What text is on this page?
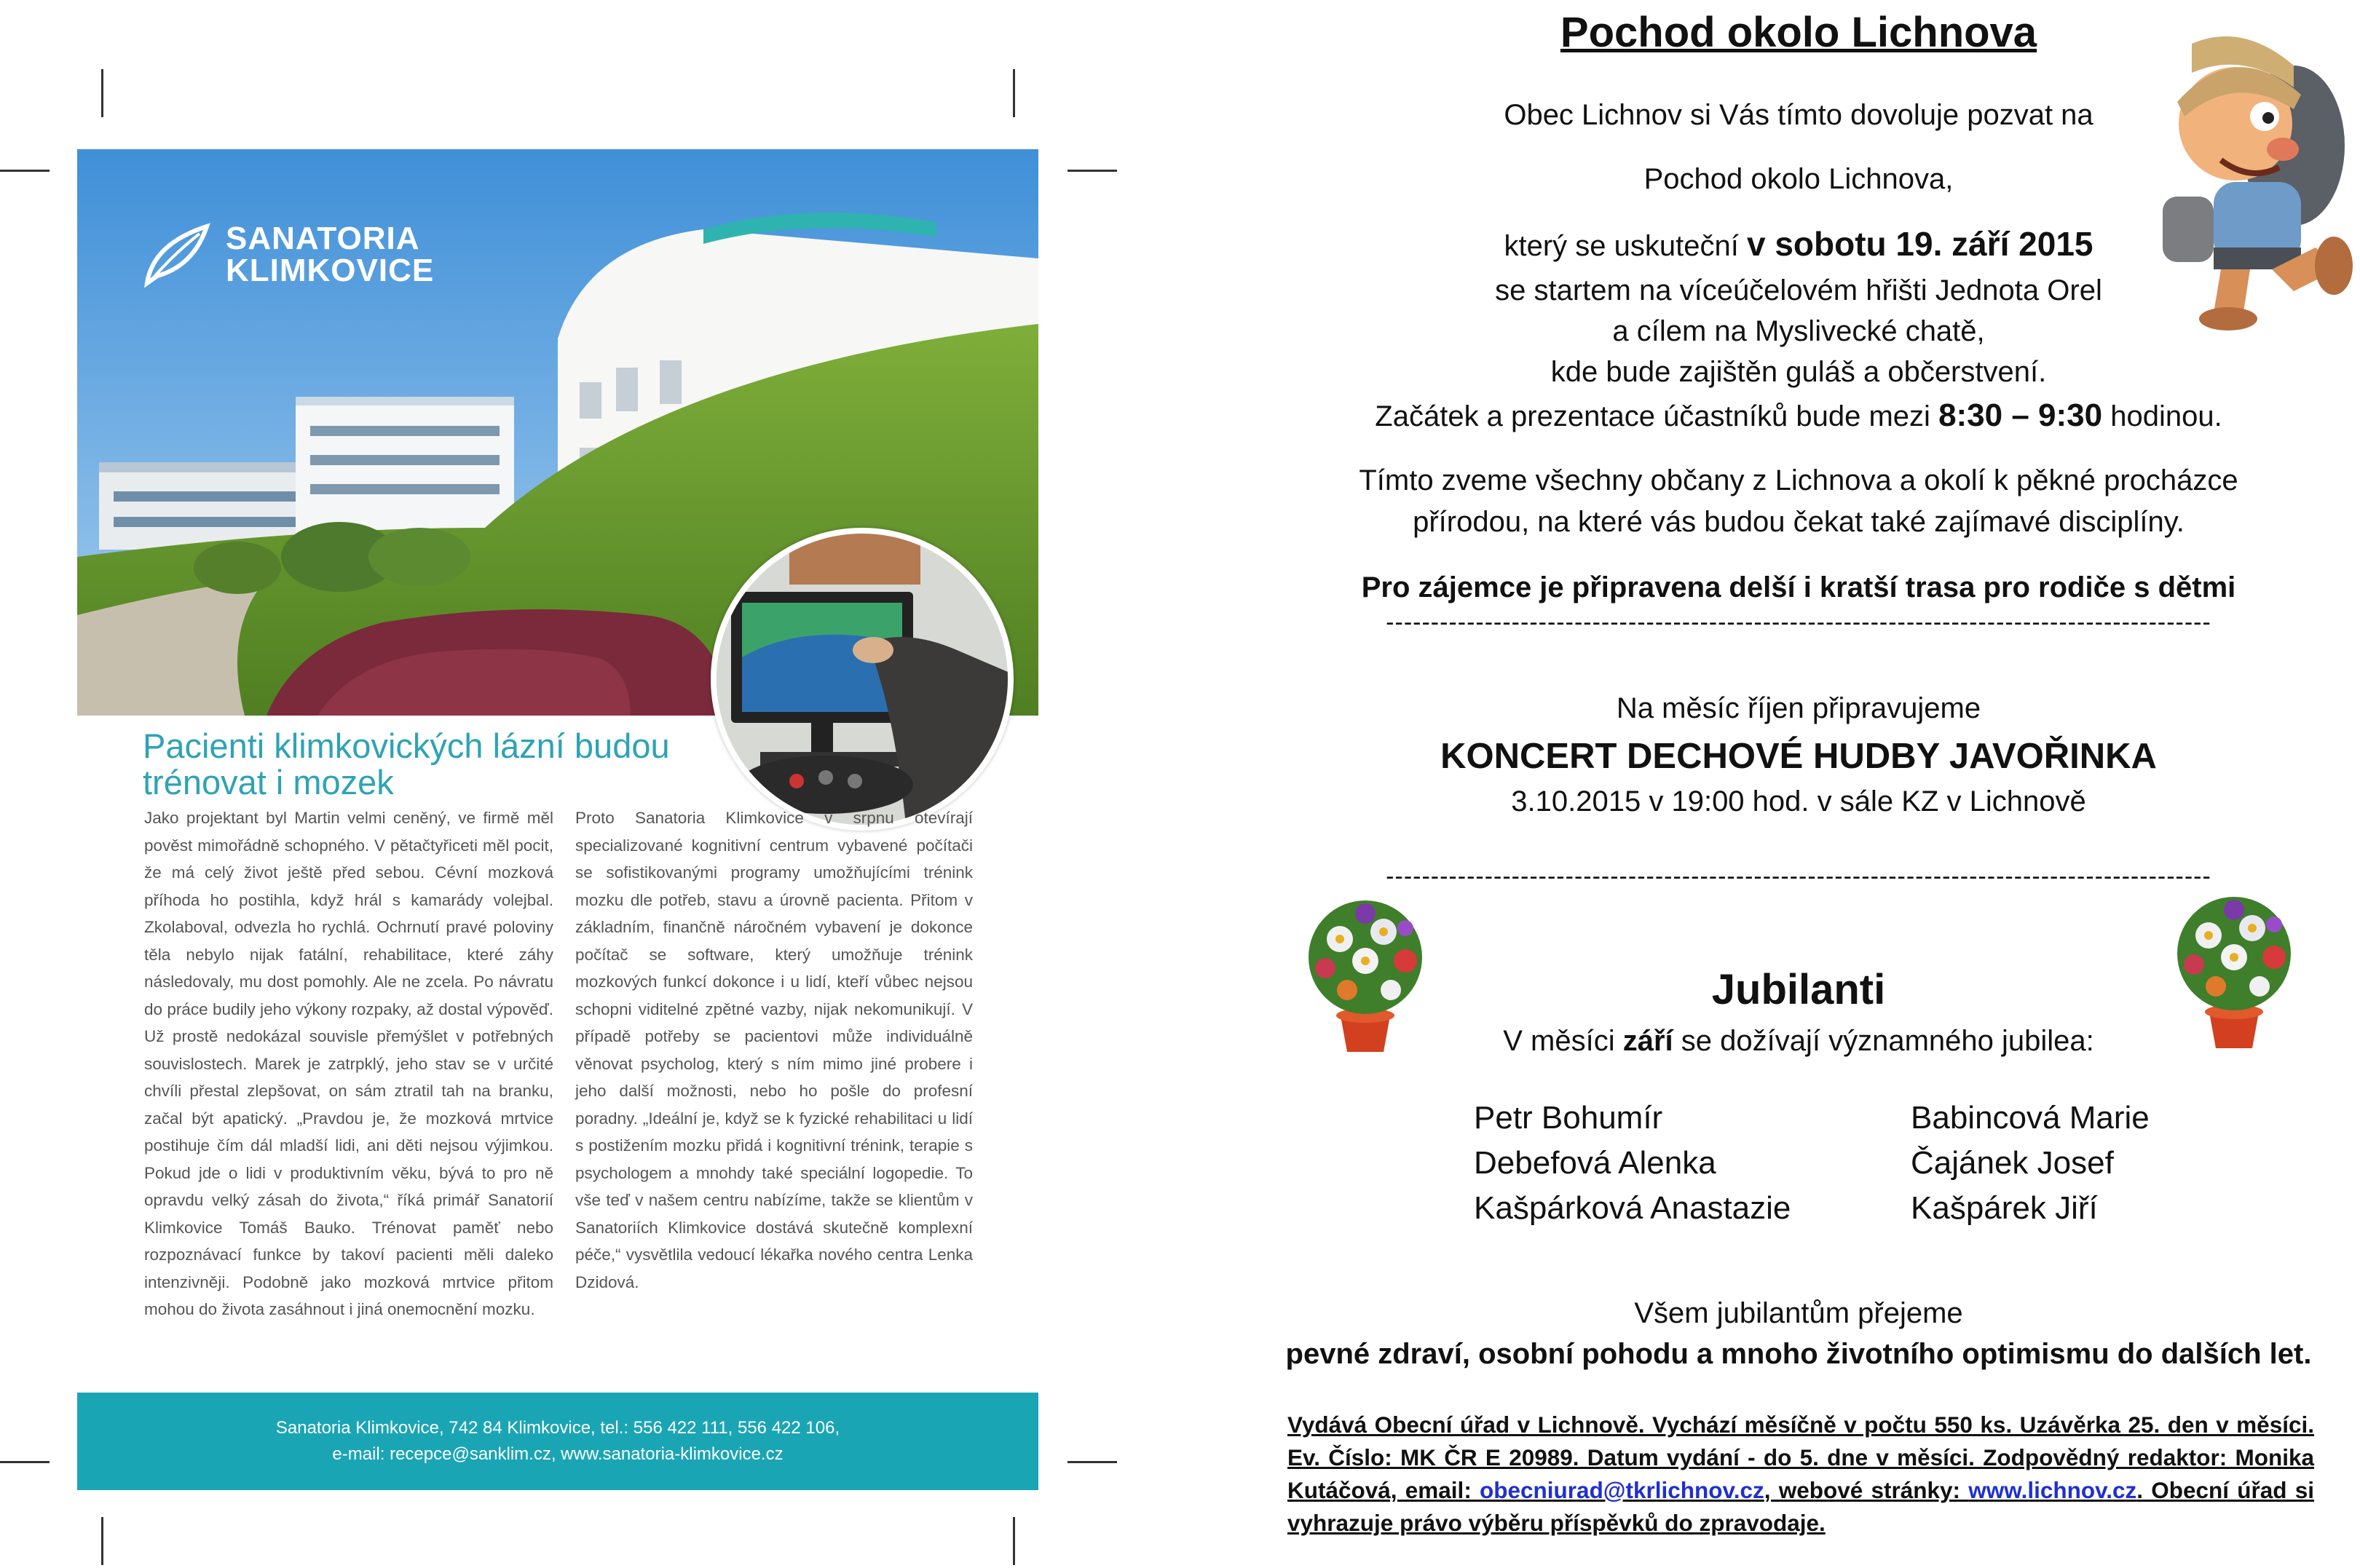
SANATORIA
KLIMKOVICE
Pacienti klimkovických lázní budou
trénovat i mozek
Jako projektant byl Martin velmi ceněný, ve firmě měl pověst mimořádně schopného. V pětačtyřiceti měl pocit, že má celý život ještě před sebou. Cévní mozková příhoda ho postihla, když hrál s kamarády volejbal. Zkolaboval, odvezla ho rychlá. Ochrnutí pravé poloviny těla nebylo nijak fatální, rehabilitace, které záhy následovaly, mu dost pomohly. Ale ne zcela. Po návratu do práce budily jeho výkony rozpaky, až dostal výpověď. Už prostě nedokázal souvisle přemýšlet v potřebných souvislostech. Marek je zatrpklý, jeho stav se v určité chvíli přestal zlepšovat, on sám ztratil tah na branku, začal být apatický. „Pravdou je, že mozková mrtvice postihuje čím dál mladší lidi, ani děti nejsou výjimkou. Pokud jde o lidi v produktivním věku, bývá to pro ně opravdu velký zásah do života,“ říká primář Sanatorií Klimkovice Tomáš Bauko. Trénovat paměť nebo rozpoznávací funkce by takoví pacienti měli daleko intenzivněji. Podobně jako mozková mrtvice přitom mohou do života zasáhnout i jiná onemocnění mozku.
Proto Sanatoria Klimkovice v srpnu otevírají specializované kognitivní centrum vybavené počítači se sofistikovanými programy umožňujícími trénink mozku dle potřeb, stavu a úrovně pacienta. Přitom v základním, finančně náročném vybavení je dokonce počítač se software, který umožňuje trénink mozkových funkcí dokonce i u lidí, kteří vůbec nejsou schopni viditelné zpětné vazby, nijak nekomunikují. V případě potřeby se pacientovi může individuálně věnovat psycholog, který s ním mimo jiné probere i jeho další možnosti, nebo ho pošle do profesní poradny. „Ideální je, když se k fyzické rehabilitaci u lidí s postižením mozku přidá i kognitivní trénink, terapie s psychologem a mnohdy také speciální logopedie. To vše teď v našem centru nabízíme, takže se klientům v Sanatoriích Klimkovice dostává skutečně komplexní péče,“ vysvětlila vedoucí lékařka nového centra Lenka Dzidová.
Sanatoria Klimkovice, 742 84 Klimkovice, tel.: 556 422 111, 556 422 106,
e-mail: recepce@sanklim.cz, www.sanatoria-klimkovice.cz
Pochod okolo Lichnova
Obec Lichnov si Vás tímto dovoluje pozvat na
Pochod okolo Lichnova,
který se uskuteční v sobotu 19. září 2015
se startem na víceúčelovém hřišti Jednota Orel
a cílem na Myslivecké chatě,
kde bude zajištěn guláš a občerstvení.
Začátek a prezentace účastníků bude mezi 8:30 – 9:30 hodinou.
Tímto zveme všechny občany z Lichnova a okolí k pěkné procházce
přírodou, na které vás budou čekat také zajímavé disciplíny.
Pro zájemce je připravena delší i kratší trasa pro rodiče s dětmi
--------------------------------------------------------------------------------------------
Na měsíc říjen připravujeme
KONCERT DECHOVÉ HUDBY JAVOŘINKA
3.10.2015 v 19:00 hod. v sále KZ v Lichnově
--------------------------------------------------------------------------------------------
Jubilanti
V měsíci září se dožívají významného jubilea:
Petr Bohumír
Debefová Alenka
Kašpárková Anastazie
Babincová Marie
Čajánek Josef
Kašpárek Jiří
Všem jubilantům přejeme
pevné zdraví, osobní pohodu a mnoho životního optimismu do dalších let.
Vydává Obecní úřad v Lichnově. Vychází měsíčně v počtu 550 ks. Uzávěrka 25. den v měsíci. Ev. Číslo: MK ČR E 20989. Datum vydání - do 5. dne v měsíci. Zodpovědný redaktor: Monika Kutáčová, email: obecniurad@tkrlichnov.cz, webové stránky: www.lichnov.cz. Obecní úřad si vyhrazuje právo výběru příspěvků do zpravodaje.
